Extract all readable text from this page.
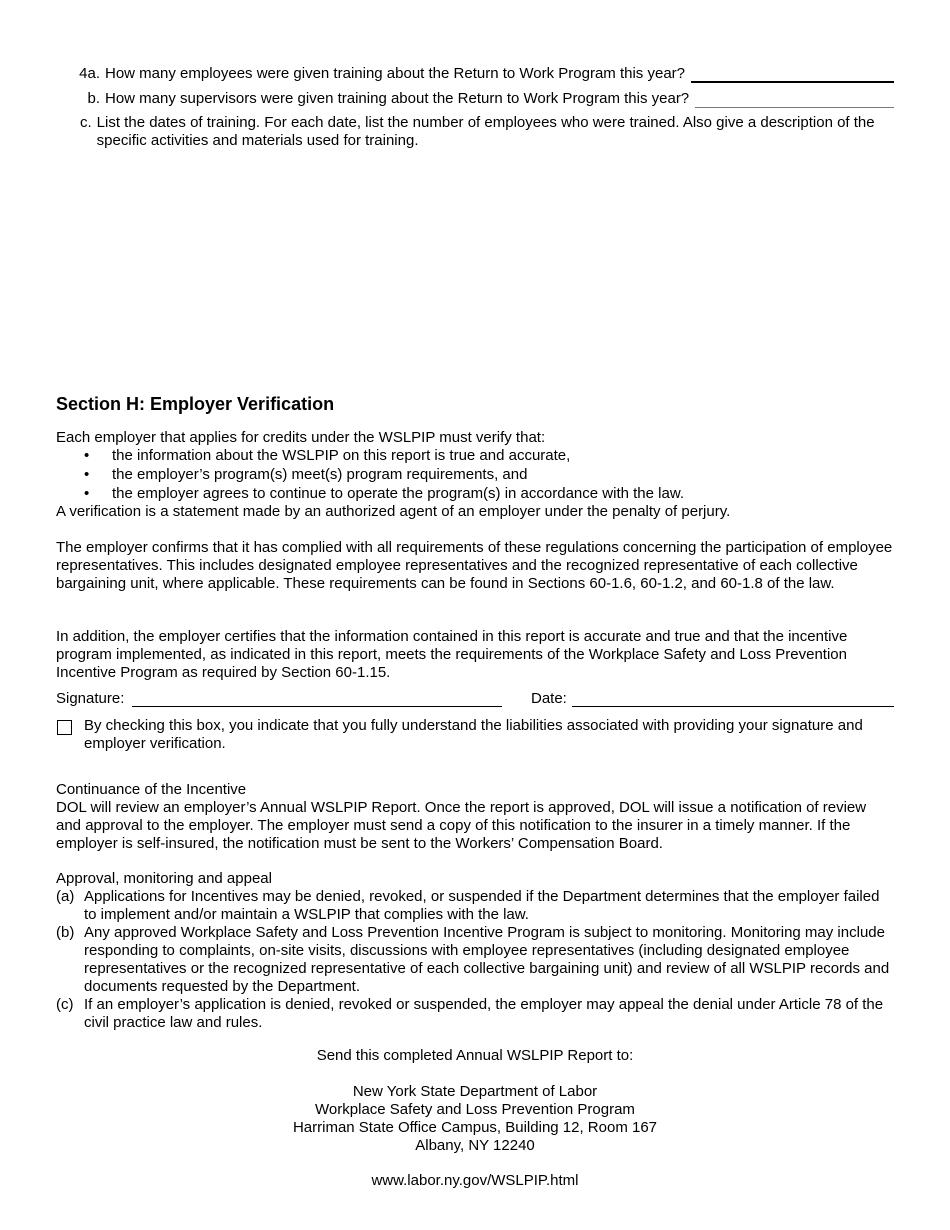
4a. How many employees were given training about the Return to Work Program this year?
b. How many supervisors were given training about the Return to Work Program this year?
c. List the dates of training. For each date, list the number of employees who were trained. Also give a description of the specific activities and materials used for training.
Section H: Employer Verification

Each employer that applies for credits under the WSLPIP must verify that:

• the information about the WSLPIP on this report is true and accurate,
• the employer’s program(s) meet(s) program requirements, and
• the employer agrees to continue to operate the program(s) in accordance with the law.

A verification is a statement made by an authorized agent of an employer under the penalty of perjury.

The employer confirms that it has complied with all requirements of these regulations concerning the participation of employee representatives. This includes designated employee representatives and the recognized representative of each collective bargaining unit, where applicable. These requirements can be found in Sections 60-1.6, 60-1.2, and 60-1.8 of the law.

In addition, the employer certifies that the information contained in this report is accurate and true and that the incentive program implemented, as indicated in this report, meets the requirements of the Workplace Safety and Loss Prevention Incentive Program as required by Section 60-1.15.

Signature:	Date:
By checking this box, you indicate that you fully understand the liabilities associated with providing your signature and employer verification.
Continuance of the Incentive

DOL will review an employer’s Annual WSLPIP Report. Once the report is approved, DOL will issue a notification of review and approval to the employer. The employer must send a copy of this notification to the insurer in a timely manner. If the employer is self-insured, the notification must be sent to the Workers’ Compensation Board.

Approval, monitoring and appeal
(a) Applications for Incentives may be denied, revoked, or suspended if the Department determines that the employer failed to implement and/or maintain a WSLPIP that complies with the law.
(b) Any approved Workplace Safety and Loss Prevention Incentive Program is subject to monitoring. Monitoring may include responding to complaints, on-site visits, discussions with employee representatives (including designated employee representatives or the recognized representative of each collective bargaining unit) and review of all WSLPIP records and documents requested by the Department.
(c) If an employer’s application is denied, revoked or suspended, the employer may appeal the denial under Article 78 of the civil practice law and rules.
Send this completed Annual WSLPIP Report to:
New York State Department of Labor
Workplace Safety and Loss Prevention Program
Harriman State Office Campus, Building 12, Room 167
Albany, NY 12240
www.labor.ny.gov/WSLPIP.html
